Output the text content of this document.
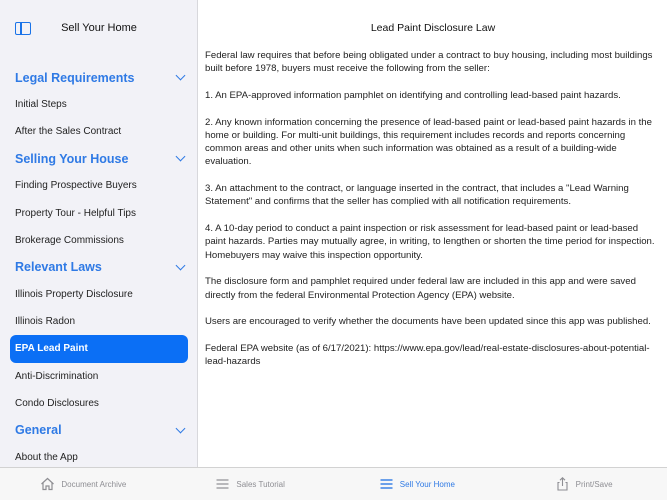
Sell Your Home
Legal Requirements
Initial Steps
After the Sales Contract
Selling Your House
Finding Prospective Buyers
Property Tour - Helpful Tips
Brokerage Commissions
Relevant Laws
Illinois Property Disclosure
Illinois Radon
EPA Lead Paint
Anti-Discrimination
Condo Disclosures
General
About the App
Lead Paint Disclosure Law

Federal law requires that before being obligated under a contract to buy housing, including most buildings built before 1978, buyers must receive the following from the seller:

1. An EPA-approved information pamphlet on identifying and controlling lead-based paint hazards.

2. Any known information concerning the presence of lead-based paint or lead-based paint hazards in the home or building. For multi-unit buildings, this requirement includes records and reports concerning common areas and other units when such information was obtained as a result of a building-wide evaluation.

3. An attachment to the contract, or language inserted in the contract, that includes a "Lead Warning Statement" and confirms that the seller has complied with all notification requirements.

4. A 10-day period to conduct a paint inspection or risk assessment for lead-based paint or lead-based paint hazards. Parties may mutually agree, in writing, to lengthen or shorten the time period for inspection. Homebuyers may waive this inspection opportunity.

The disclosure form and pamphlet required under federal law are included in this app and were saved directly from the federal Environmental Protection Agency (EPA) website.

Users are encouraged to verify whether the documents have been updated since this app was published.

Federal EPA website (as of 6/17/2021): https://www.epa.gov/lead/real-estate-disclosures-about-potential-lead-hazards

Document Archive	Sales Tutorial	Sell Your Home	Print/Save
